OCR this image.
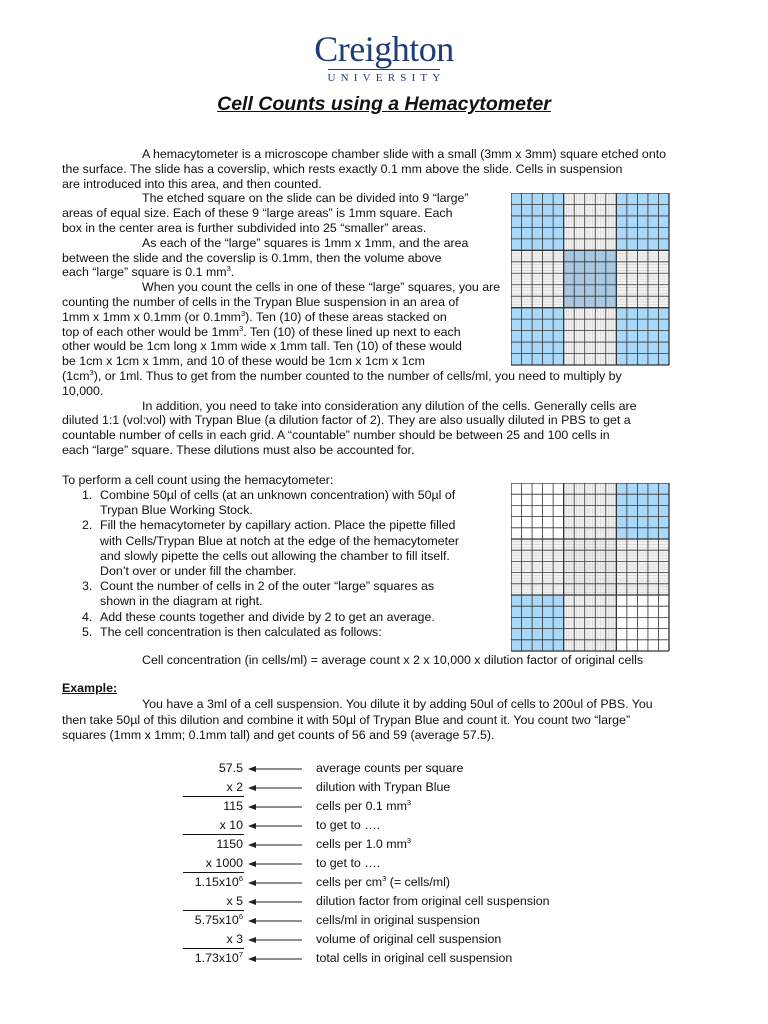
Creighton
UNIVERSITY
Cell Counts using a Hemacytometer
A hemacytometer is a microscope chamber slide with a small (3mm x 3mm) square etched onto
the surface. The slide has a coverslip, which rests exactly 0.1 mm above the slide. Cells in suspension
are introduced into this area, and then counted.
The etched square on the slide can be divided into 9 “large”
areas of equal size. Each of these 9 “large areas” is 1mm square. Each
box in the center area is further subdivided into 25 “smaller” areas.
As each of the “large” squares is 1mm x 1mm, and the area
between the slide and the coverslip is 0.1mm, then the volume above
each “large” square is 0.1 $mm^3$.
When you count the cells in one of these “large” squares, you are
counting the number of cells in the Trypan Blue suspension in an area of
1mm x 1mm x 0.1mm (or $0.1mm^3$). Ten (10) of these areas stacked on
top of each other would be $1mm^3$. Ten (10) of these lined up next to each
other would be 1cm long x 1mm wide x 1mm tall. Ten (10) of these would
be 1cm x 1cm x 1mm, and 10 of these would be 1cm x 1cm x 1cm
$(1cm^3)$, or 1ml. Thus to get from the number counted to the number of cells/ml, you need to multiply by
10,000.
In addition, you need to take into consideration any dilution of the cells. Generally cells are
diluted 1:1 (vol:vol) with Trypan Blue (a dilution factor of 2). They are also usually diluted in PBS to get a
countable number of cells in each grid. A “countable” number should be between 25 and 100 cells in
each “large” square. These dilutions must also be accounted for.
To perform a cell count using the hemacytometer:
1. Combine 50µl of cells (at an unknown concentration) with 50µl of
Trypan Blue Working Stock.
2. Fill the hemacytometer by capillary action. Place the pipette filled
with Cells/Trypan Blue at notch at the edge of the hemacytometer
and slowly pipette the cells out allowing the chamber to fill itself.
Don’t over or under fill the chamber.
3. Count the number of cells in 2 of the outer “large” squares as
shown in the diagram at right.
4. Add these counts together and divide by 2 to get an average.
5. The cell concentration is then calculated as follows:
Cell concentration (in cells/ml) = average count x 2 x 10,000 x dilution factor of original cells
Example:
You have a 3ml of a cell suspension. You dilute it by adding 50ul of cells to 200ul of PBS. You
then take 50µl of this dilution and combine it with 50µl of Trypan Blue and count it. You count two “large”
squares (1mm x 1mm; 0.1mm tall) and get counts of 56 and 59 (average 57.5).
57.5	average counts per square
x 2	dilution with Trypan Blue
115	cells per 0.1 $mm^3$
x 10	to get to ….
1150	cells per 1.0 $mm^3$
x 1000	to get to ….
$1.15x10^6$	cells per $cm^3$ (= cells/ml)
x 5	dilution factor from original cell suspension
$5.75x10^6$	cells/ml in original suspension
x 3	volume of original cell suspension
$1.73x10^7$	total cells in original cell suspension
